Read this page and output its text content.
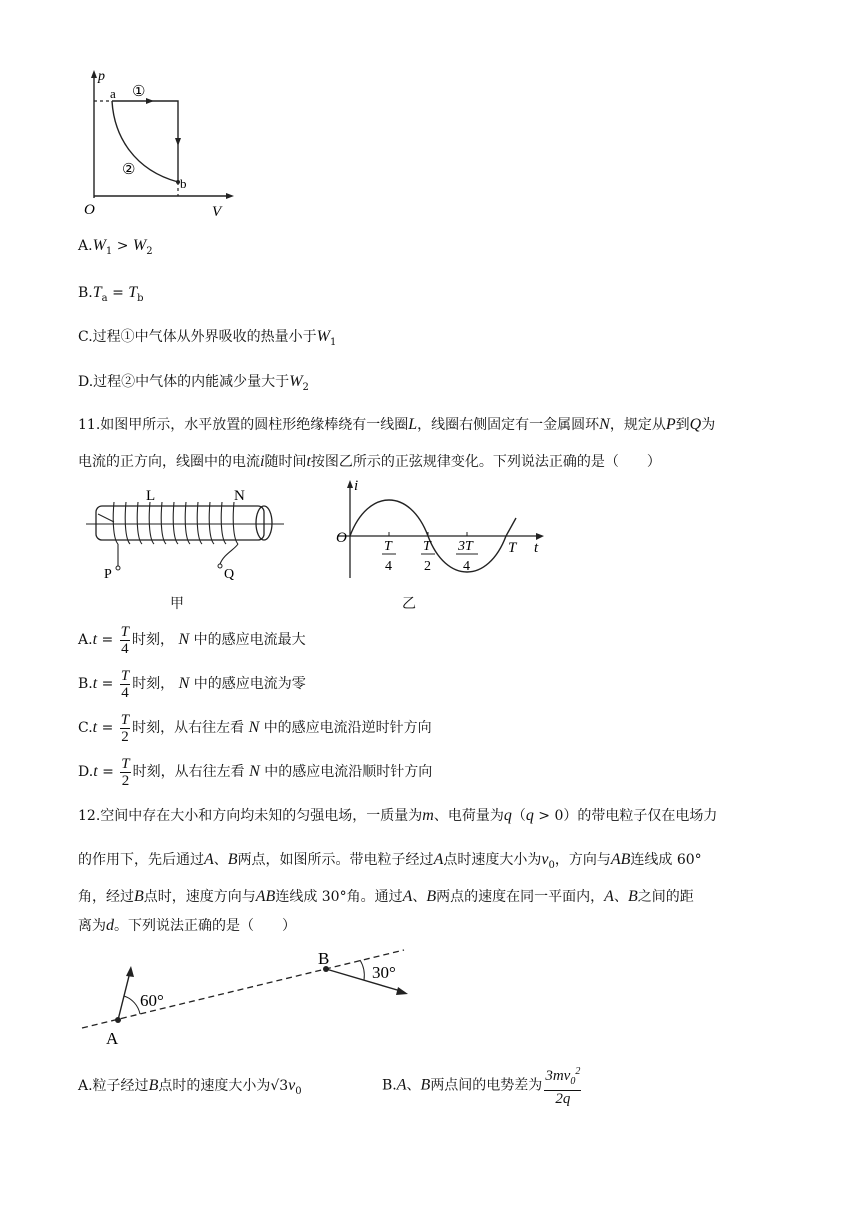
p
a ①
②
b
O	V
$A.W_1 > W_2$
$B.T_a = T_b$
C.过程①中气体从外界吸收的热量小于$W_1$
D.过程②中气体的内能减少量大于$W_2$
11.如图甲所示，水平放置的圆柱形绝缘棒绕有一线圈L，线圈右侧固定有一金属圆环N，规定从P到Q为
电流的正方向，线圈中的电流i随时间t按图乙所示的正弦规律变化。下列说法正确的是（　　）
L	N
P	Q
甲
i
O
t
T
T
4
T
2
3T
4
乙
$A.t = \frac{T}{4}$ 时刻， N 中的感应电流最大
$B.t = \frac{T}{4}$ 时刻， N 中的感应电流为零
$C.t = \frac{T}{2}$ 时刻，从右往左看 N 中的感应电流沿逆时针方向
$D.t = \frac{T}{2}$ 时刻，从右往左看 N 中的感应电流沿顺时针方向
12.空间中存在大小和方向均未知的匀强电场，一质量为m、电荷量为q（q > 0）的带电粒子仅在电场力
的作用下，先后通过A、B两点，如图所示。带电粒子经过A点时速度大小为$v_0$，方向与AB连线成 60°
角，经过B点时，速度方向与AB连线成 30°角。通过A、B两点的速度在同一平面内，A、B之间的距
离为d。下列说法正确的是（　　）
A
B
60°
30°
A.粒子经过B点时的速度大小为$√3v_0$	B.A、B两点间的电势差为 $\frac{3mv_0^2}{2q}$
